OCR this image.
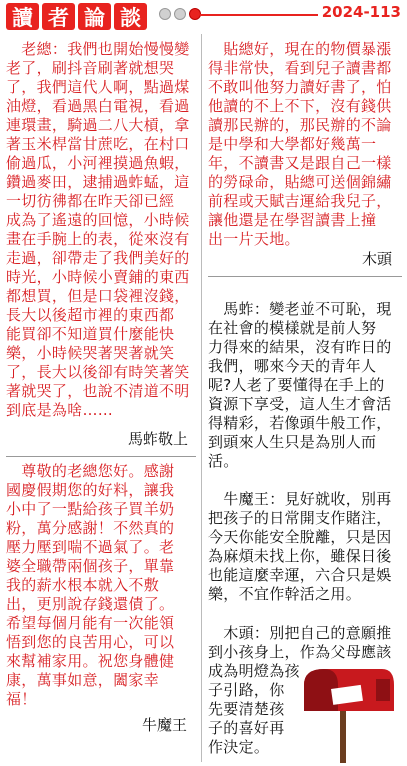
讀 者 論 談	2024-113
　老總：我們也開始慢慢變
老了，刷抖音刷著就想哭
了，我們這代人啊，點過煤
油燈，看過黑白電視，看過
連環畫，騎過二八大槓，拿
著玉米桿當甘蔗吃，在村口
偷過瓜，小河裡摸過魚蝦，
鑽過麥田，逮捕過蚱蜢，這
一切彷彿都在昨天卻已經
成為了遙遠的回憶，小時候
畫在手腕上的表，從來沒有
走過，卻帶走了我們美好的
時光，小時候小賣鋪的東西
都想買，但是口袋裡沒錢，
長大以後超市裡的東西都
能買卻不知道買什麼能快
樂，小時候哭著哭著就笑
了，長大以後卻有時笑著笑
著就哭了，也說不清道不明
到底是為啥……
馬蚱敬上
　尊敬的老總您好。感謝
國慶假期您的好料，讓我
小中了一點給孩子買羊奶
粉，萬分感謝！不然真的
壓力壓到喘不過氣了。老
婆全職帶兩個孩子，單靠
我的薪水根本就入不敷
出，更別說存錢還債了。
希望每個月能有一次能領
悟到您的良苦用心，可以
來幫補家用。祝您身體健
康，萬事如意，闔家幸
福！
牛魔王
　貼總好，現在的物價暴漲
得非常快，看到兒子讀書都
不敢叫他努力讀好書了，怕
他讀的不上不下，沒有錢供
讀那民辦的，那民辦的不論
是中學和大學都好幾萬一
年，不讀書又是跟自己一樣
的勞碌命，貼總可送個錦繡
前程或天賦吉運給我兒子，
讓他還是在學習讀書上撞
出一片天地。
木頭
　馬蚱：變老並不可恥，現
在社會的模樣就是前人努
力得來的結果，沒有昨日的
我們，哪來今天的青年人
呢?人老了要懂得在手上的
資源下享受，這人生才會活
得精彩，若像頭牛般工作，
到頭來人生只是為別人而
活。
　牛魔王：見好就收，別再
把孩子的日常開支作賭注，
今天你能安全脫離，只是因
為麻煩未找上你，雖保日後
也能這麼幸運，六合只是娛
樂，不宜作幹活之用。
　木頭：別把自己的意願推
到小孩身上，作為父母應該
成為明燈為孩
子引路，你
先要清楚孩
子的喜好再
作決定。
